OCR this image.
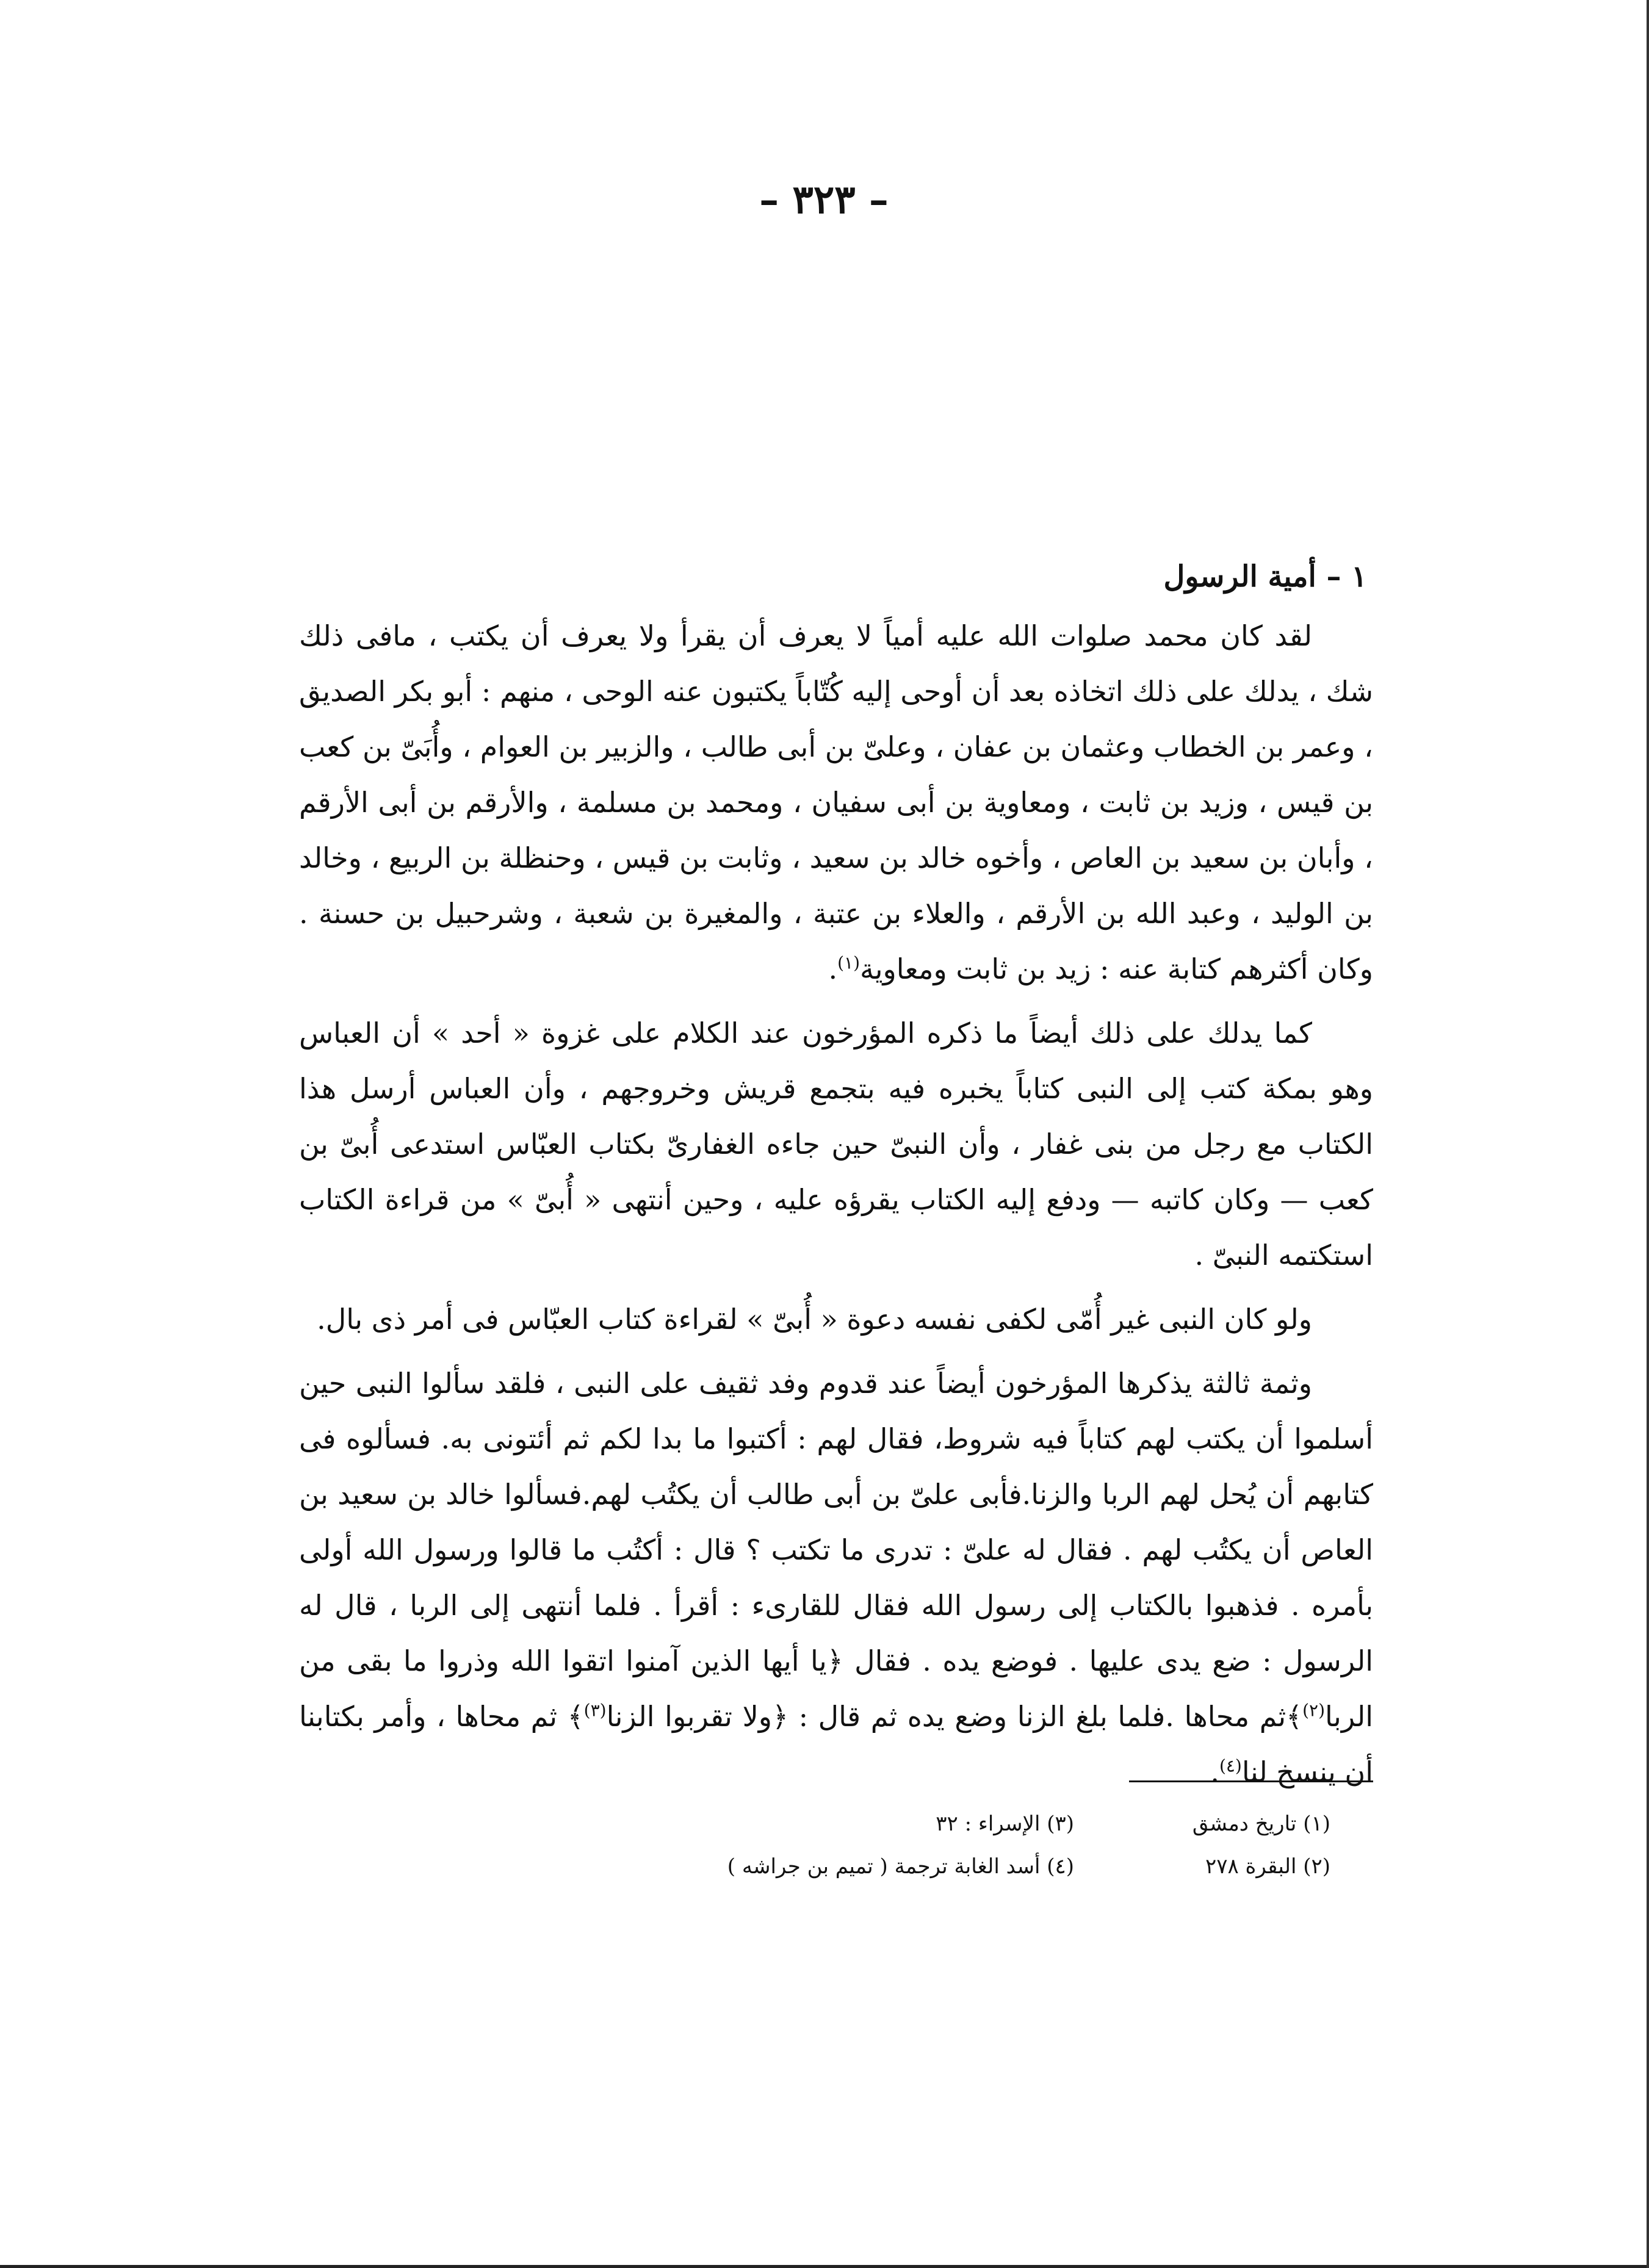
– ٣٢٣ –
١ – أمية الرسول

لقد كان محمد صلوات الله عليه أمياً لا يعرف أن يقرأ ولا يعرف أن يكتب ، مافى ذلك شك ، يدلك على ذلك اتخاذه بعد أن أوحى إليه كُتّاباً يكتبون عنه الوحى ، منهم : أبو بكر الصديق ، وعمر بن الخطاب وعثمان بن عفان ، وعلىّ بن أبى طالب ، والزبير بن العوام ، وأُبَىّ بن كعب بن قيس ، وزيد بن ثابت ، ومعاوية بن أبى سفيان ، ومحمد بن مسلمة ، والأرقم بن أبى الأرقم ، وأبان بن سعيد بن العاص ، وأخوه خالد بن سعيد ، وثابت بن قيس ، وحنظلة بن الربيع ، وخالد بن الوليد ، وعبد الله بن الأرقم ، والعلاء بن عتبة ، والمغيرة بن شعبة ، وشرحبيل بن حسنة . وكان أكثرهم كتابة عنه : زيد بن ثابت ومعاوية$^{(١)}$.

كما يدلك على ذلك أيضاً ما ذكره المؤرخون عند الكلام على غزوة « أحد » أن العباس وهو بمكة كتب إلى النبى كتاباً يخبره فيه بتجمع قريش وخروجهم ، وأن العباس أرسل هذا الكتاب مع رجل من بنى غفار ، وأن النبىّ حين جاءه الغفارىّ بكتاب العبّاس استدعى أُبىّ بن كعب — وكان كاتبه — ودفع إليه الكتاب يقرؤه عليه ، وحين أنتهى « أُبىّ » من قراءة الكتاب استكتمه النبىّ .

ولو كان النبى غير أُمّى لكفى نفسه دعوة « أُبىّ » لقراءة كتاب العبّاس فى أمر ذى بال.

وثمة ثالثة يذكرها المؤرخون أيضاً عند قدوم وفد ثقيف على النبى ، فلقد سألوا النبى حين أسلموا أن يكتب لهم كتاباً فيه شروط، فقال لهم : أكتبوا ما بدا لكم ثم أئتونى به. فسألوه فى كتابهم أن يُحل لهم الربا والزنا.فأبى علىّ بن أبى طالب أن يكتُب لهم.فسألوا خالد بن سعيد بن العاص أن يكتُب لهم . فقال له علىّ : تدرى ما تكتب ؟ قال : أكتُب ما قالوا ورسول الله أولى بأمره . فذهبوا بالكتاب إلى رسول الله فقال للقارىء : أقرأ . فلما أنتهى إلى الربا ، قال له الرسول : ضع يدى عليها . فوضع يده . فقال ﴿يا أيها الذين آمنوا اتقوا الله وذروا ما بقى من الربا$^{(٢)}$﴾ثم محاها .فلما بلغ الزنا وضع يده ثم قال : ﴿ولا تقربوا الزنا$^{(٣)}$﴾ ثم محاها ، وأمر بكتابنا أن ينسخ لنا$^{(٤)}$.

(١) تاريخ دمشق
(٣) الإسراء : ٣٢
(٢) البقرة ٢٧٨
(٤) أسد الغابة ترجمة ( تميم بن جراشه )
